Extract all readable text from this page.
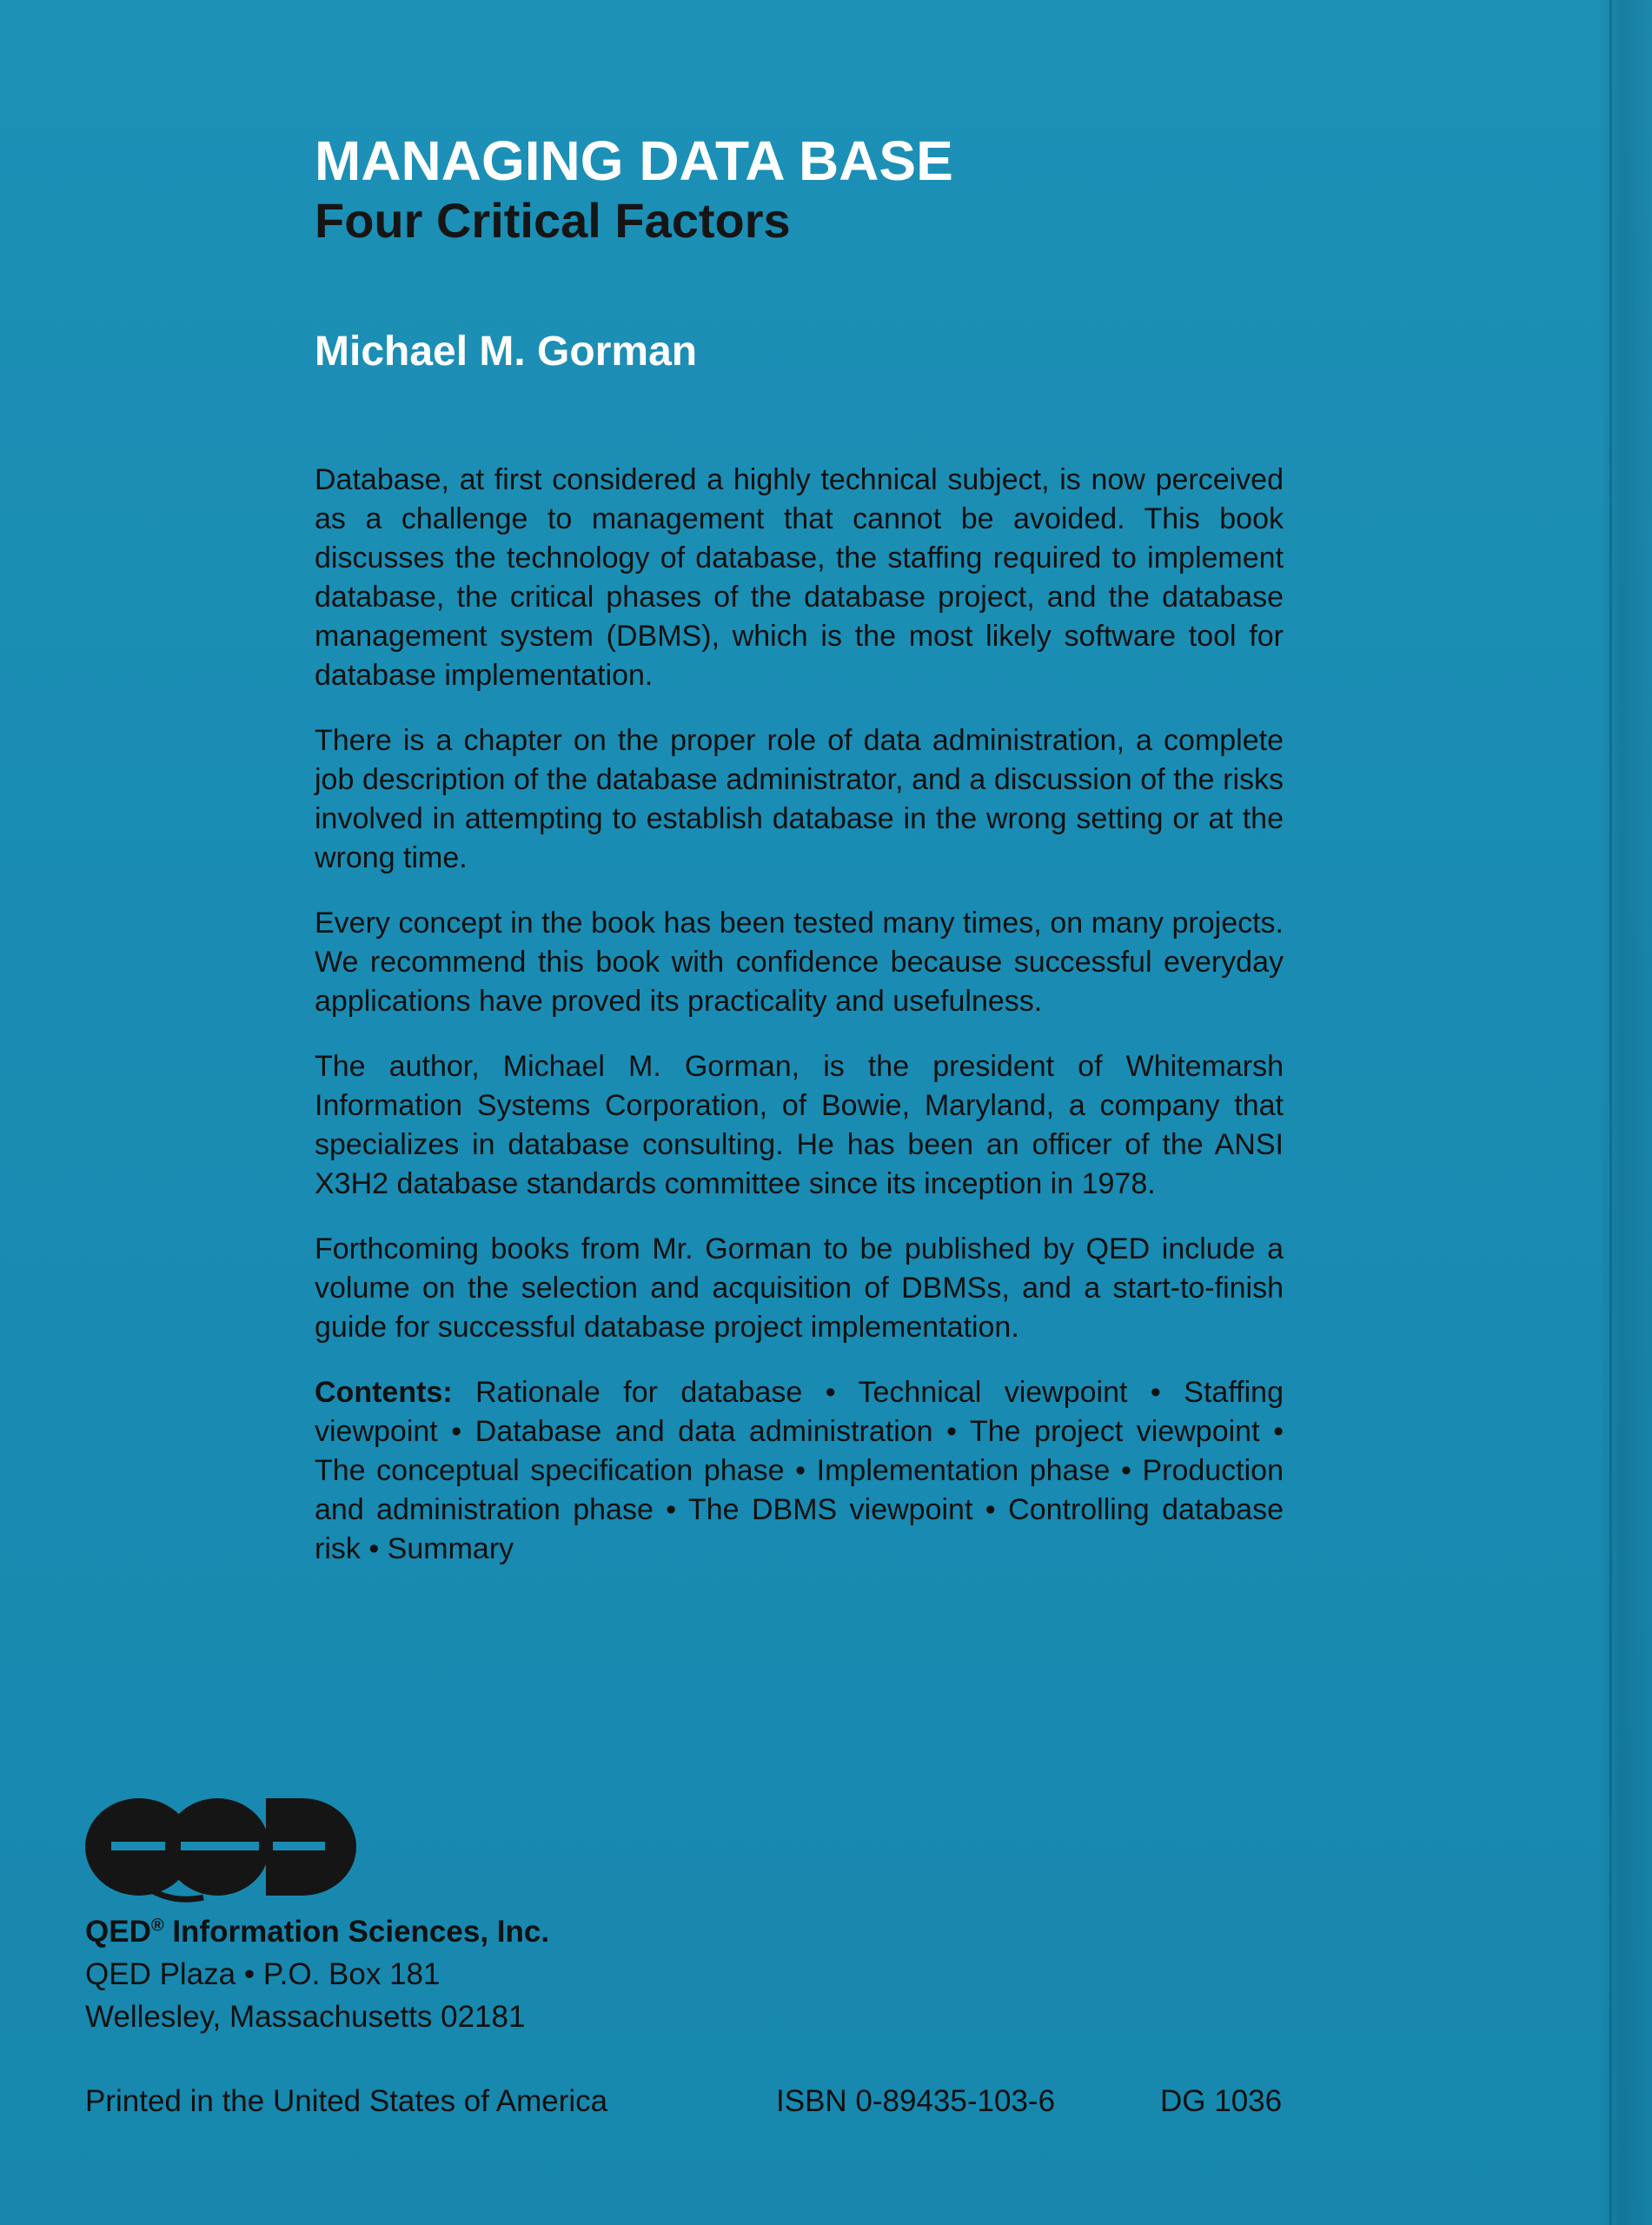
MANAGING DATA BASE
Four Critical Factors
Michael M. Gorman

Database, at first considered a highly technical subject, is now perceived as a challenge to management that cannot be avoided. This book discusses the technology of database, the staffing required to implement database, the critical phases of the database project, and the database management system (DBMS), which is the most likely software tool for database implementation.

There is a chapter on the proper role of data administration, a complete job description of the database administrator, and a discussion of the risks involved in attempting to establish database in the wrong setting or at the wrong time.

Every concept in the book has been tested many times, on many projects. We recommend this book with confidence because successful everyday applications have proved its practicality and usefulness.

The author, Michael M. Gorman, is the president of Whitemarsh Information Systems Corporation, of Bowie, Maryland, a company that specializes in database consulting. He has been an officer of the ANSI X3H2 database standards committee since its inception in 1978.

Forthcoming books from Mr. Gorman to be published by QED include a volume on the selection and acquisition of DBMSs, and a start-to-finish guide for successful database project implementation.

Contents: Rationale for database • Technical viewpoint • Staffing viewpoint • Database and data administration • The project viewpoint • The conceptual specification phase • Implementation phase • Production and administration phase • The DBMS viewpoint • Controlling database risk • Summary

QED® Information Sciences, Inc.
QED Plaza • P.O. Box 181
Wellesley, Massachusetts 02181
Printed in the United States of America	ISBN 0-89435-103-6	DG 1036
